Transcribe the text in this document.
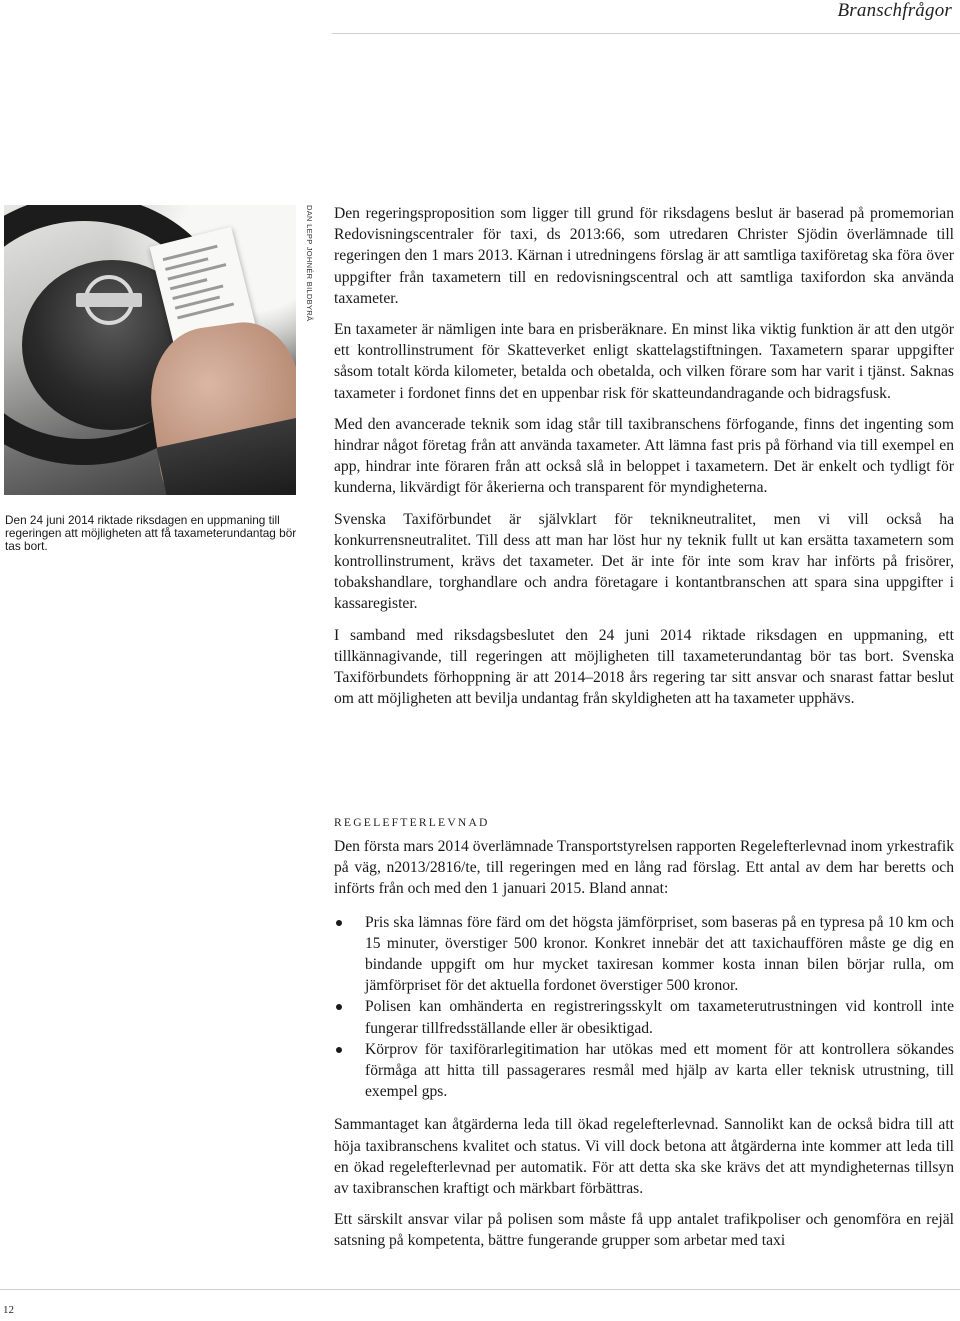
Branschfrågor
DAN LEPP JOHNÉR BILDBYRÅ
Den 24 juni 2014 riktade riksdagen en uppmaning till regeringen att möjligheten att få taxameterundantag bör tas bort.

Den regeringsproposition som ligger till grund för riksdagens beslut är baserad på promemorian Redovisningscentraler för taxi, ds 2013:66, som utredaren Christer Sjödin överlämnade till regeringen den 1 mars 2013. Kärnan i utredningens förslag är att samtliga taxiföretag ska föra över uppgifter från taxametern till en redovisningscentral och att samtliga taxifordon ska använda taxameter.

En taxameter är nämligen inte bara en prisberäknare. En minst lika viktig funktion är att den utgör ett kontrollinstrument för Skatteverket enligt skattelagstiftningen. Taxametern sparar uppgifter såsom totalt körda kilometer, betalda och obetalda, och vilken förare som har varit i tjänst. Saknas taxameter i fordonet finns det en uppenbar risk för skatteundandragande och bidragsfusk.

Med den avancerade teknik som idag står till taxibranschens förfogande, finns det ingenting som hindrar något företag från att använda taxameter. Att lämna fast pris på förhand via till exempel en app, hindrar inte föraren från att också slå in beloppet i taxametern. Det är enkelt och tydligt för kunderna, likvärdigt för åkerierna och transparent för myndigheterna.

Svenska Taxiförbundet är självklart för teknikneutralitet, men vi vill också ha konkurrensneutralitet. Till dess att man har löst hur ny teknik fullt ut kan ersätta taxametern som kontrollinstrument, krävs det taxameter. Det är inte för inte som krav har införts på frisörer, tobakshandlare, torghandlare och andra företagare i kontantbranschen att spara sina uppgifter i kassaregister.

I samband med riksdagsbeslutet den 24 juni 2014 riktade riksdagen en uppmaning, ett tillkännagivande, till regeringen att möjligheten till taxameterundantag bör tas bort. Svenska Taxiförbundets förhoppning är att 2014–2018 års regering tar sitt ansvar och snarast fattar beslut om att möjligheten att bevilja undantag från skyldigheten att ha taxameter upphävs.

REGELEFTERLEVNAD

Den första mars 2014 överlämnade Transportstyrelsen rapporten Regelefterlevnad inom yrkestrafik på väg, n2013/2816/te, till regeringen med en lång rad förslag. Ett antal av dem har beretts och införts från och med den 1 januari 2015. Bland annat:

Pris ska lämnas före färd om det högsta jämförpriset, som baseras på en typresa på 10 km och 15 minuter, överstiger 500 kronor. Konkret innebär det att taxichauffören måste ge dig en bindande uppgift om hur mycket taxiresan kommer kosta innan bilen börjar rulla, om jämförpriset för det aktuella fordonet överstiger 500 kronor.
Polisen kan omhänderta en registreringsskylt om taxameterutrustningen vid kontroll inte fungerar tillfredsställande eller är obesiktigad.
Körprov för taxiförarlegitimation har utökas med ett moment för att kontrollera sökandes förmåga att hitta till passagerares resmål med hjälp av karta eller teknisk utrustning, till exempel gps.

Sammantaget kan åtgärderna leda till ökad regelefterlevnad. Sannolikt kan de också bidra till att höja taxibranschens kvalitet och status. Vi vill dock betona att åtgärderna inte kommer att leda till en ökad regelefterlevnad per automatik. För att detta ska ske krävs det att myndigheternas tillsyn av taxibranschen kraftigt och märkbart förbättras.

Ett särskilt ansvar vilar på polisen som måste få upp antalet trafikpoliser och genomföra en rejäl satsning på kompetenta, bättre fungerande grupper som arbetar med taxi

12
